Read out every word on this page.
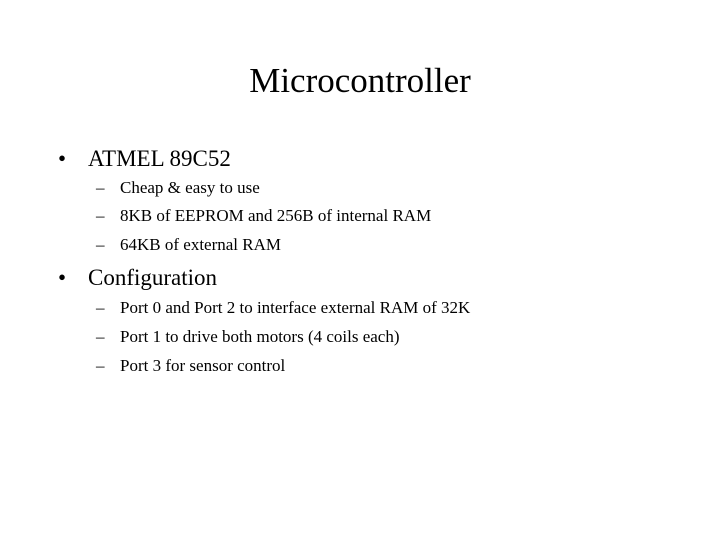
Microcontroller
• ATMEL 89C52
– Cheap & easy to use
– 8KB of EEPROM and 256B of internal RAM
– 64KB of external RAM
• Configuration
– Port 0 and Port 2 to interface external RAM of 32K
– Port 1 to drive both motors (4 coils each)
– Port 3 for sensor control
